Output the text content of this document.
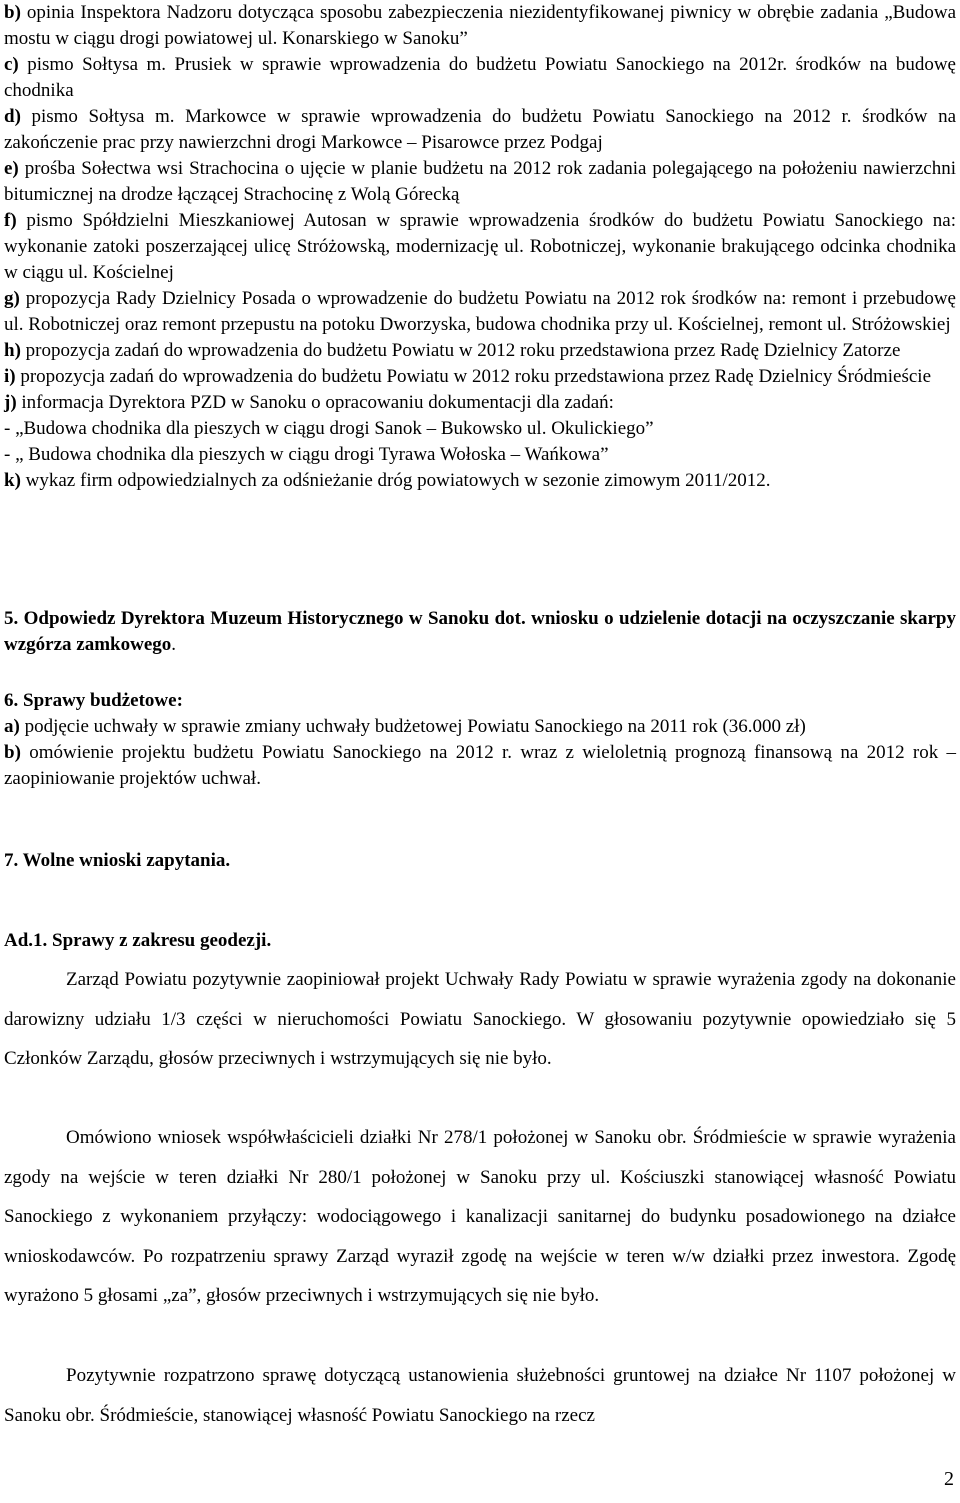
b) opinia Inspektora Nadzoru dotycząca sposobu zabezpieczenia niezidentyfikowanej piwnicy w obrębie zadania „Budowa mostu w ciągu drogi powiatowej ul. Konarskiego w Sanoku”
c) pismo Sołtysa m. Prusiek w sprawie wprowadzenia do budżetu Powiatu Sanockiego na 2012r. środków na budowę chodnika
d) pismo Sołtysa m. Markowce w sprawie wprowadzenia do budżetu Powiatu Sanockiego na 2012 r. środków na zakończenie prac przy nawierzchni drogi Markowce – Pisarowce przez Podgaj
e) prośba Sołectwa wsi Strachocina o ujęcie w planie budżetu na 2012 rok zadania polegającego na położeniu nawierzchni bitumicznej na drodze łączącej Strachocinę z Wolą Górecką
f) pismo Spółdzielni Mieszkaniowej Autosan w sprawie wprowadzenia środków do budżetu Powiatu Sanockiego na: wykonanie zatoki poszerzającej ulicę Stróżowską, modernizację ul. Robotniczej, wykonanie brakującego odcinka chodnika w ciągu ul. Kościelnej
g) propozycja Rady Dzielnicy Posada o wprowadzenie do budżetu Powiatu na 2012 rok środków na: remont i przebudowę ul. Robotniczej oraz remont przepustu na potoku Dworzyska, budowa chodnika przy ul. Kościelnej, remont ul. Stróżowskiej
h) propozycja zadań do wprowadzenia do budżetu Powiatu w 2012 roku przedstawiona przez Radę Dzielnicy Zatorze
i) propozycja zadań do wprowadzenia do budżetu Powiatu w 2012 roku przedstawiona przez Radę Dzielnicy Śródmieście
j) informacja Dyrektora PZD w Sanoku o opracowaniu dokumentacji dla zadań:
- „Budowa chodnika dla pieszych w ciągu drogi Sanok – Bukowsko ul. Okulickiego”
- „ Budowa chodnika dla pieszych w ciągu drogi Tyrawa Wołoska – Wańkowa”
k) wykaz firm odpowiedzialnych za odśnieżanie dróg powiatowych w sezonie zimowym 2011/2012.
5. Odpowiedz Dyrektora Muzeum Historycznego w Sanoku dot. wniosku o udzielenie dotacji na oczyszczanie skarpy wzgórza zamkowego.
6. Sprawy budżetowe:
a) podjęcie uchwały w sprawie zmiany uchwały budżetowej Powiatu Sanockiego na 2011 rok (36.000 zł)
b) omówienie projektu budżetu Powiatu Sanockiego na 2012 r. wraz z wieloletnią prognozą finansową na 2012 rok – zaopiniowanie projektów uchwał.
7. Wolne wnioski zapytania.
Ad.1. Sprawy z zakresu geodezji.
Zarząd Powiatu pozytywnie zaopiniował projekt Uchwały Rady Powiatu w sprawie wyrażenia zgody na dokonanie darowizny udziału 1/3 części w nieruchomości Powiatu Sanockiego. W głosowaniu pozytywnie opowiedziało się 5 Członków Zarządu, głosów przeciwnych i wstrzymujących się nie było.
Omówiono wniosek współwłaścicieli działki Nr 278/1 położonej w Sanoku obr. Śródmieście w sprawie wyrażenia zgody na wejście w teren działki Nr 280/1 położonej w Sanoku przy ul. Kościuszki stanowiącej własność Powiatu Sanockiego z wykonaniem przyłączy: wodociągowego i kanalizacji sanitarnej do budynku posadowionego na działce wnioskodawców. Po rozpatrzeniu sprawy Zarząd wyraził zgodę na wejście w teren w/w działki przez inwestora. Zgodę wyrażono 5 głosami „za”, głosów przeciwnych i wstrzymujących się nie było.
Pozytywnie rozpatrzono sprawę dotyczącą ustanowienia służebności gruntowej na działce Nr 1107 położonej w Sanoku obr. Śródmieście, stanowiącej własność Powiatu Sanockiego na rzecz
2
